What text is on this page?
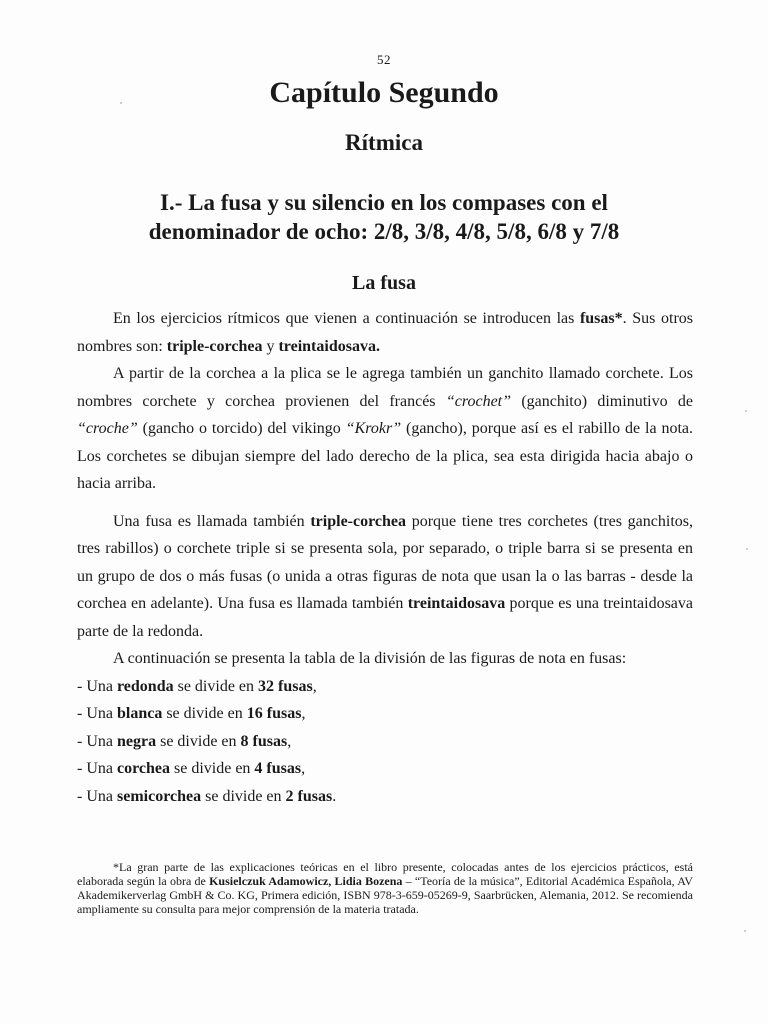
52
Capítulo Segundo
Rítmica
I.- La fusa y su silencio en los compases con el
denominador de ocho: 2/8, 3/8, 4/8, 5/8, 6/8 y 7/8
La fusa

En los ejercicios rítmicos que vienen a continuación se introducen las fusas*. Sus otros nombres son: triple-corchea y treintaidosava.

A partir de la corchea a la plica se le agrega también un ganchito llamado corchete. Los nombres corchete y corchea provienen del francés “crochet” (ganchito) diminutivo de “croche” (gancho o torcido) del vikingo “Krokr” (gancho), porque así es el rabillo de la nota. Los corchetes se dibujan siempre del lado derecho de la plica, sea esta dirigida hacia abajo o hacia arriba.

Una fusa es llamada también triple-corchea porque tiene tres corchetes (tres ganchitos, tres rabillos) o corchete triple si se presenta sola, por separado, o triple barra si se presenta en un grupo de dos o más fusas (o unida a otras figuras de nota que usan la o las barras - desde la corchea en adelante). Una fusa es llamada también treintaidosava porque es una treintaidosava parte de la redonda.

A continuación se presenta la tabla de la división de las figuras de nota en fusas:

- Una redonda se divide en 32 fusas,
- Una blanca se divide en 16 fusas,
- Una negra se divide en 8 fusas,
- Una corchea se divide en 4 fusas,
- Una semicorchea se divide en 2 fusas.

*La gran parte de las explicaciones teóricas en el libro presente, colocadas antes de los ejercicios prácticos, está elaborada según la obra de Kusielczuk Adamowicz, Lidia Bozena – “Teoría de la música”, Editorial Académica Española, AV Akademikerverlag GmbH & Co. KG, Primera edición, ISBN 978-3-659-05269-9, Saarbrücken, Alemania, 2012. Se recomienda ampliamente su consulta para mejor comprensión de la materia tratada.
